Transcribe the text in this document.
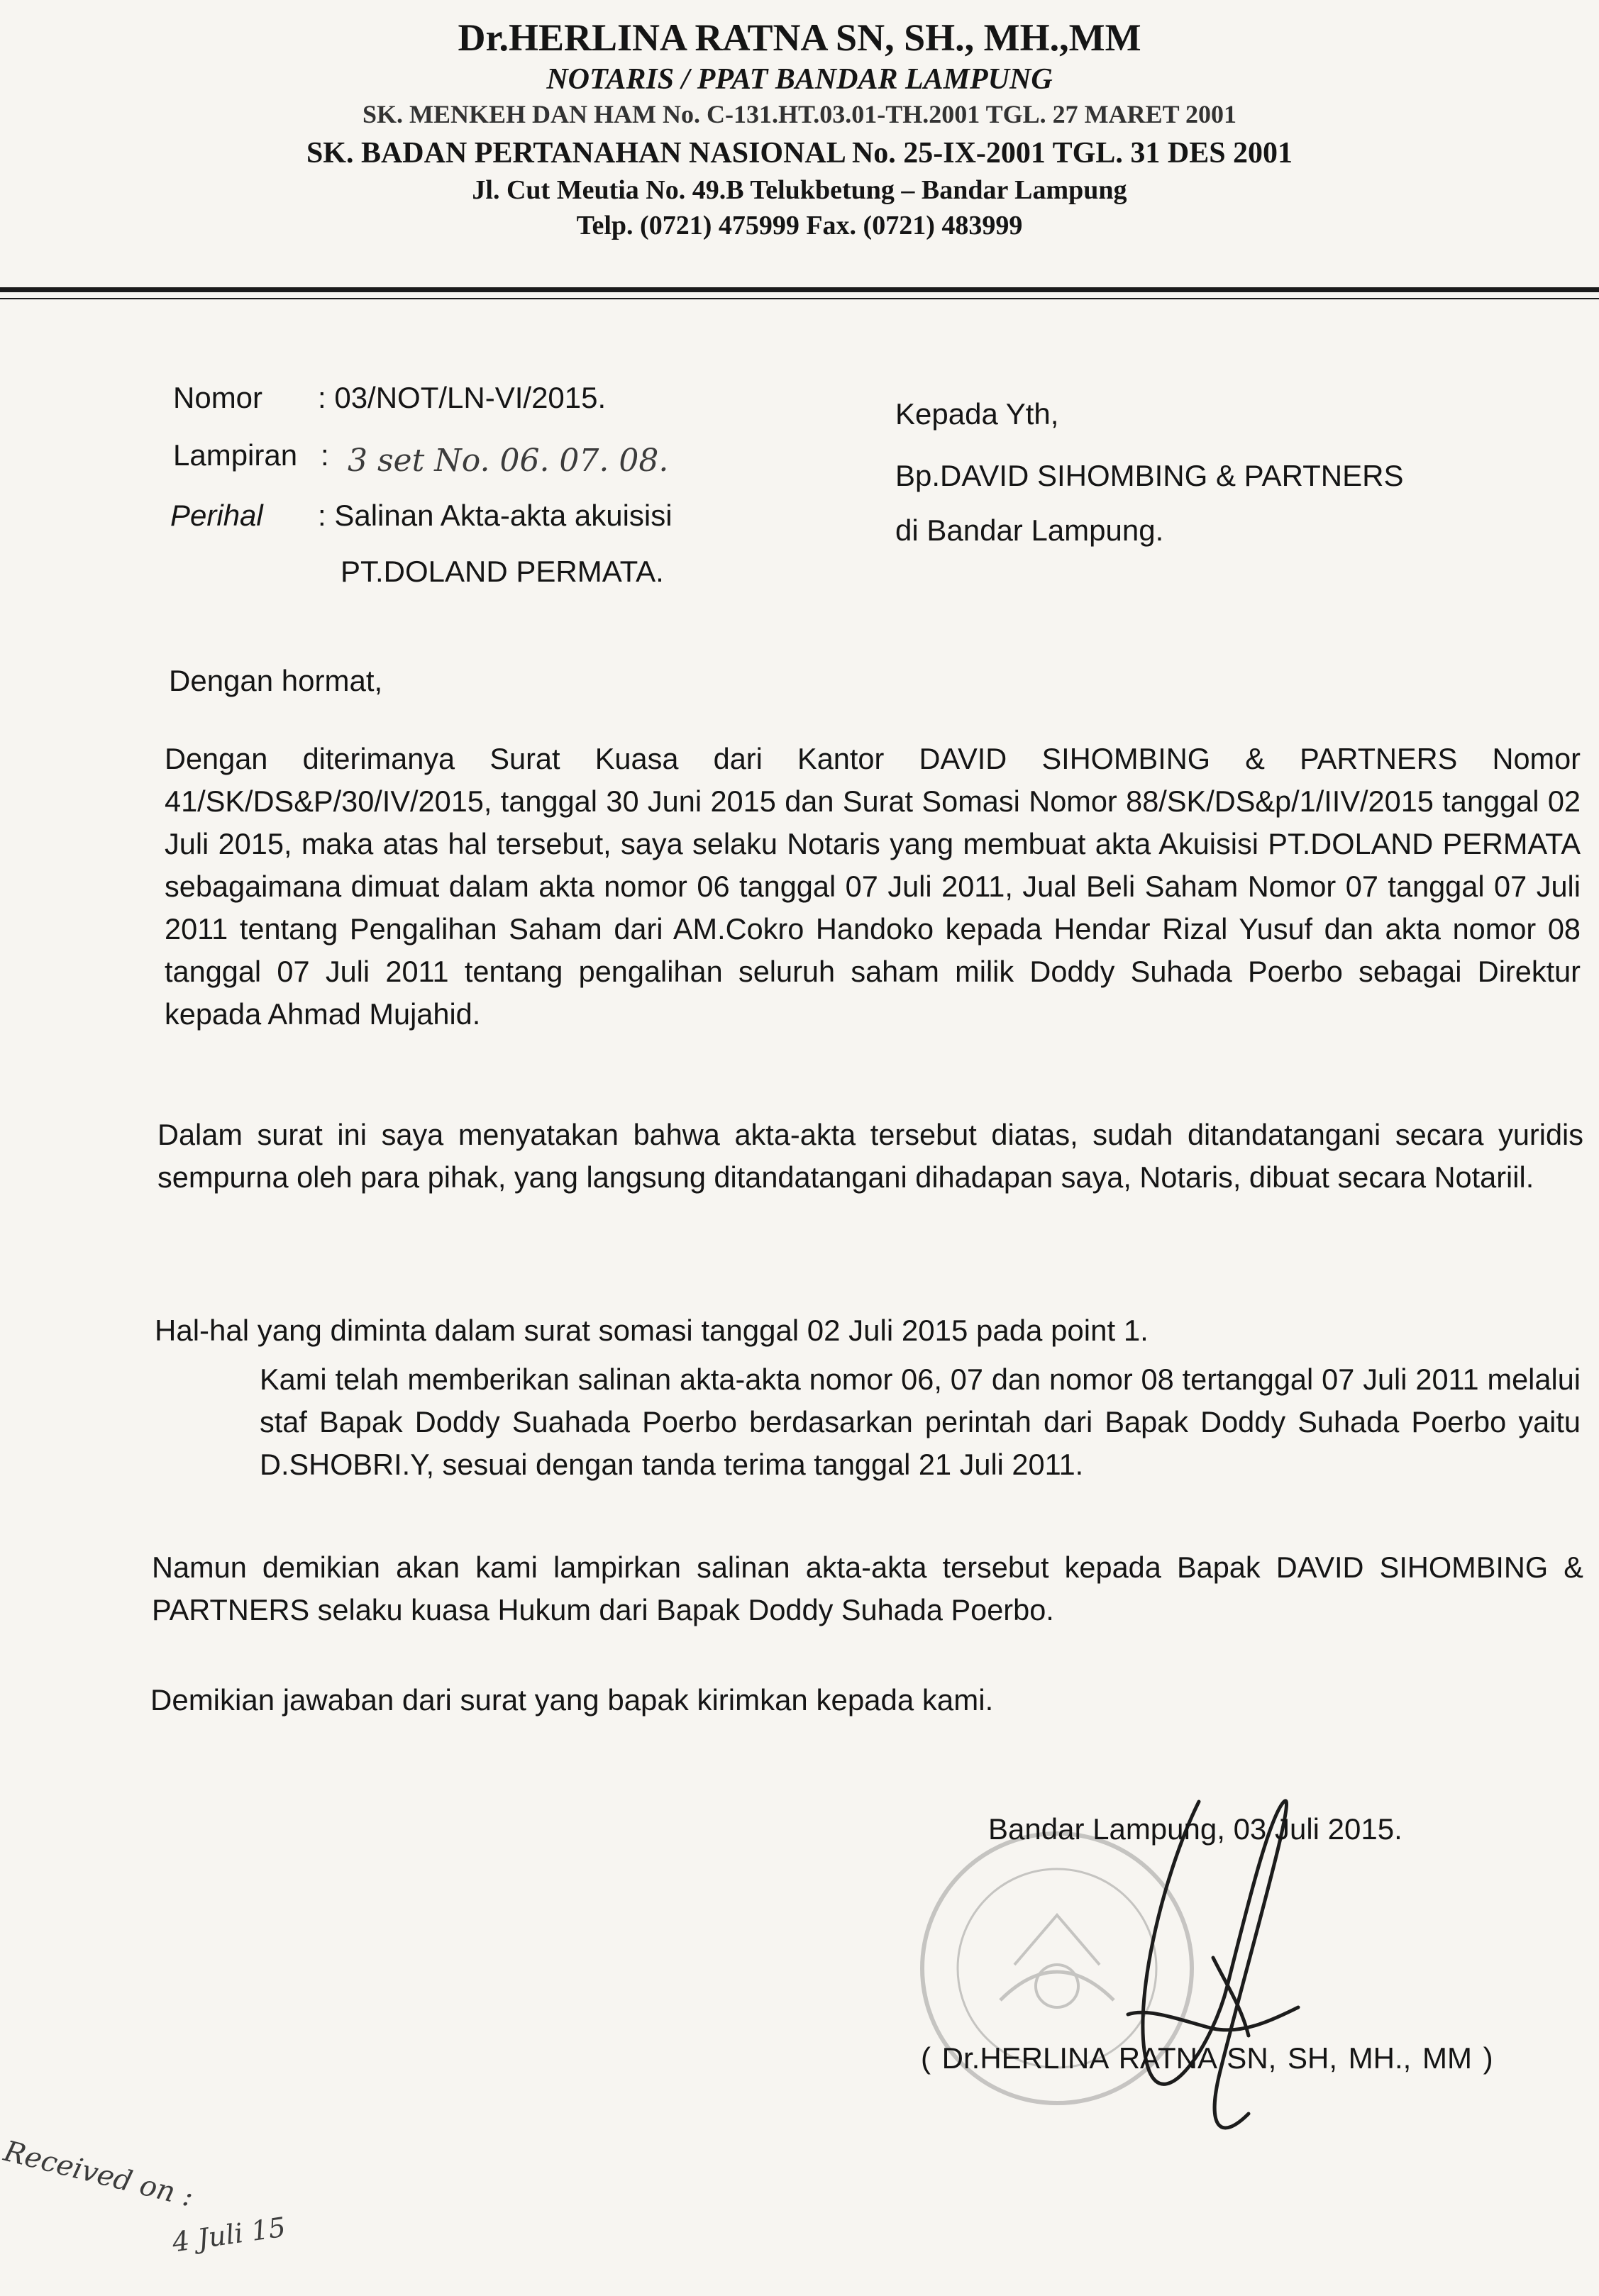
Dr.HERLINA RATNA SN, SH., MH.,MM
NOTARIS / PPAT BANDAR LAMPUNG
SK. MENKEH DAN HAM No. C-131.HT.03.01-TH.2001 TGL. 27 MARET 2001
SK. BADAN PERTANAHAN NASIONAL No. 25-IX-2001 TGL. 31 DES 2001
Jl. Cut Meutia No. 49.B Telukbetung – Bandar Lampung
Telp. (0721) 475999 Fax. (0721) 483999
Nomor : 03/NOT/LN-VI/2015.
Lampiran : 3 set No. 06. 07. 08.
Perihal : Salinan Akta-akta akuisisi
PT.DOLAND PERMATA.
Kepada Yth,
Bp.DAVID SIHOMBING & PARTNERS
di Bandar Lampung.
Dengan hormat,

Dengan diterimanya Surat Kuasa dari Kantor DAVID SIHOMBING & PARTNERS Nomor 41/SK/DS&P/30/IV/2015, tanggal 30 Juni 2015 dan Surat Somasi Nomor 88/SK/DS&p/1/IIV/2015 tanggal 02 Juli 2015, maka atas hal tersebut, saya selaku Notaris yang membuat akta Akuisisi PT.DOLAND PERMATA sebagaimana dimuat dalam akta nomor 06 tanggal 07 Juli 2011, Jual Beli Saham Nomor 07 tanggal 07 Juli 2011 tentang Pengalihan Saham dari AM.Cokro Handoko kepada Hendar Rizal Yusuf dan akta nomor 08 tanggal 07 Juli 2011 tentang pengalihan seluruh saham milik Doddy Suhada Poerbo sebagai Direktur kepada Ahmad Mujahid.

Dalam surat ini saya menyatakan bahwa akta-akta tersebut diatas, sudah ditandatangani secara yuridis sempurna oleh para pihak, yang langsung ditandatangani dihadapan saya, Notaris, dibuat secara Notariil.

Hal-hal yang diminta dalam surat somasi tanggal 02 Juli 2015 pada point 1.

Kami telah memberikan salinan akta-akta nomor 06, 07 dan nomor 08 tertanggal 07 Juli 2011 melalui staf Bapak Doddy Suahada Poerbo berdasarkan perintah dari Bapak Doddy Suhada Poerbo yaitu D.SHOBRI.Y, sesuai dengan tanda terima tanggal 21 Juli 2011.

Namun demikian akan kami lampirkan salinan akta-akta tersebut kepada Bapak DAVID SIHOMBING & PARTNERS selaku kuasa Hukum dari Bapak Doddy Suhada Poerbo.

Demikian jawaban dari surat yang bapak kirimkan kepada kami.
Bandar Lampung, 03 Juli 2015.
( Dr.HERLINA RATNA SN, SH, MH., MM )
Received on :
4 Juli 15
